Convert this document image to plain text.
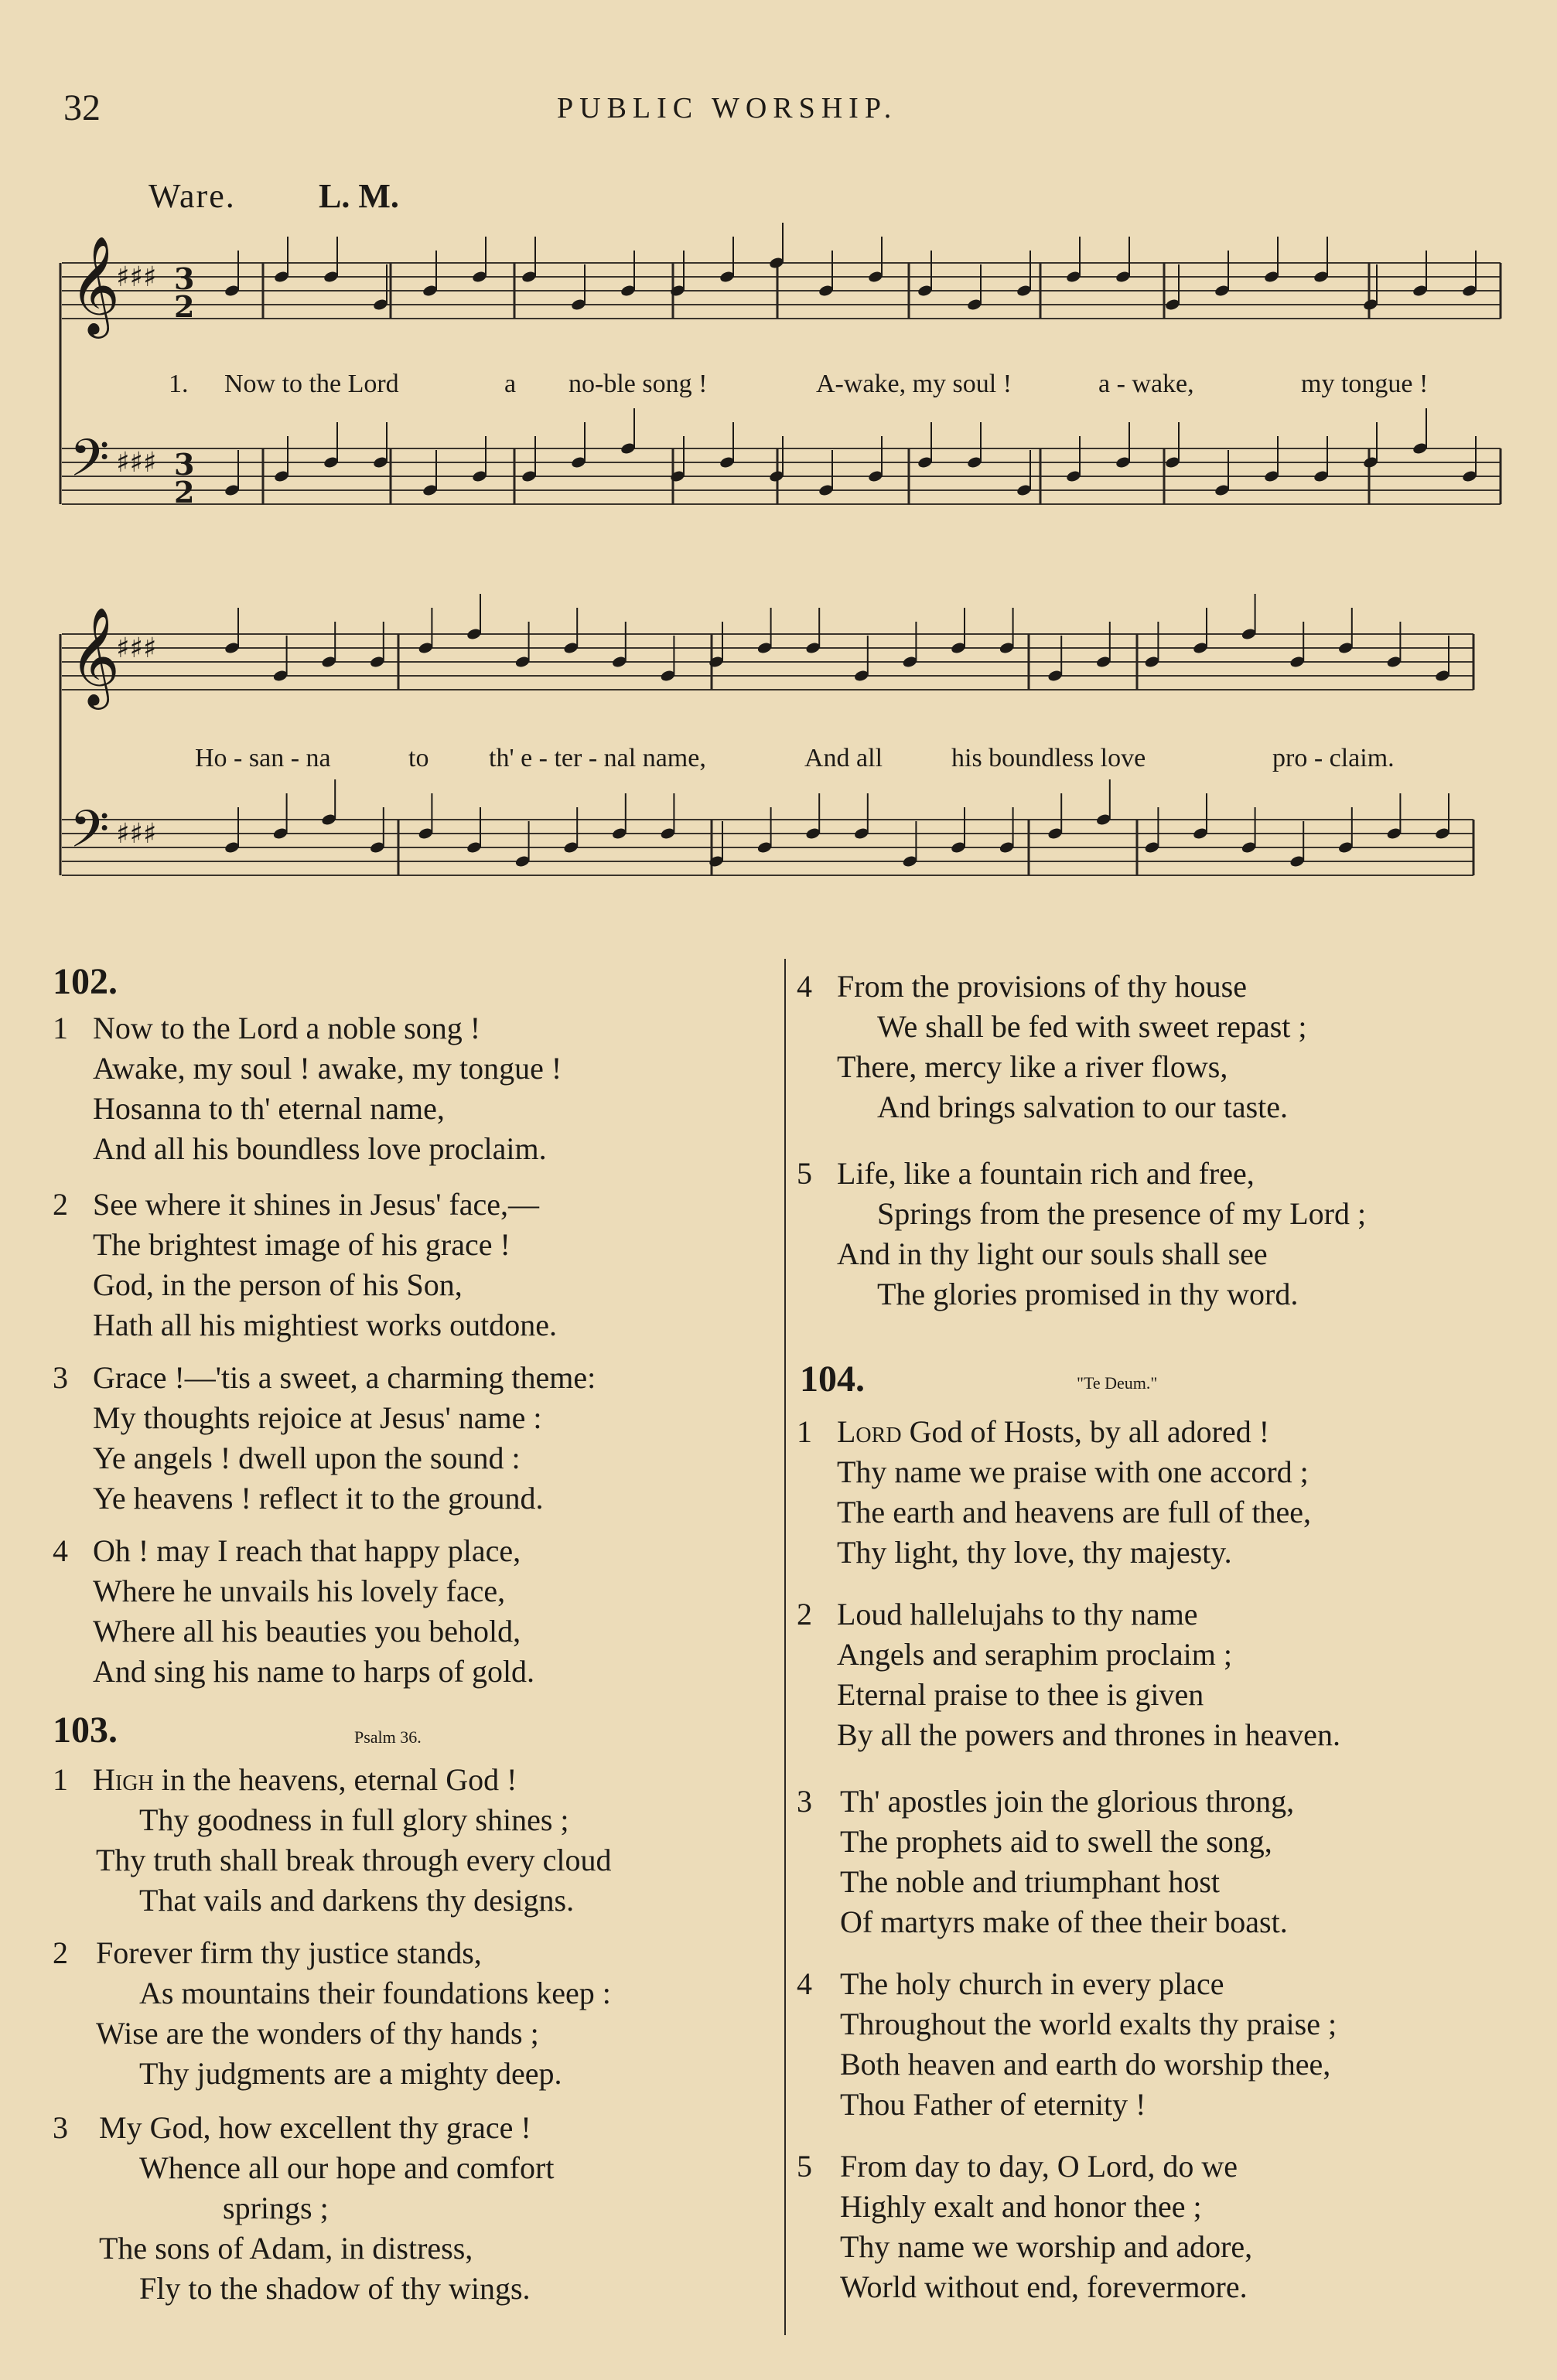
32	PUBLIC WORSHIP.
Ware. L. M.
𝄞
♯♯♯ 3
2
𝄢 ♯♯♯ 3
2
𝄞
♯♯♯
𝄢 ♯♯♯
1. Now to the Lord	a no-ble song !	A-wake, my soul !	a - wake,	my tongue !
Ho - san - na	to th' e - ter - nal name,	And all	his boundless love	pro - claim.
102.
1 Now to the Lord a noble song !
Awake, my soul ! awake, my tongue !
Hosanna to th' eternal name,
And all his boundless love proclaim.
2 See where it shines in Jesus' face,—
The brightest image of his grace !
God, in the person of his Son,
Hath all his mightiest works outdone.
3 Grace !—'tis a sweet, a charming theme:
My thoughts rejoice at Jesus' name :
Ye angels ! dwell upon the sound :
Ye heavens ! reflect it to the ground.
4 Oh ! may I reach that happy place,
Where he unvails his lovely face,
Where all his beauties you behold,
And sing his name to harps of gold.
103.	Psalm 36.
1 High in the heavens, eternal God !
Thy goodness in full glory shines ;
Thy truth shall break through every cloud
That vails and darkens thy designs.
2 Forever firm thy justice stands,
As mountains their foundations keep :
Wise are the wonders of thy hands ;
Thy judgments are a mighty deep.
3 My God, how excellent thy grace !
Whence all our hope and comfort
springs ;
The sons of Adam, in distress,
Fly to the shadow of thy wings.
4 From the provisions of thy house
We shall be fed with sweet repast ;
There, mercy like a river flows,
And brings salvation to our taste.
5 Life, like a fountain rich and free,
Springs from the presence of my Lord ;
And in thy light our souls shall see
The glories promised in thy word.
104.	"Te Deum."
1 Lord God of Hosts, by all adored !
Thy name we praise with one accord ;
The earth and heavens are full of thee,
Thy light, thy love, thy majesty.
2 Loud hallelujahs to thy name
Angels and seraphim proclaim ;
Eternal praise to thee is given
By all the powers and thrones in heaven.
3 Th' apostles join the glorious throng,
The prophets aid to swell the song,
The noble and triumphant host
Of martyrs make of thee their boast.
4 The holy church in every place
Throughout the world exalts thy praise ;
Both heaven and earth do worship thee,
Thou Father of eternity !
5 From day to day, O Lord, do we
Highly exalt and honor thee ;
Thy name we worship and adore,
World without end, forevermore.
